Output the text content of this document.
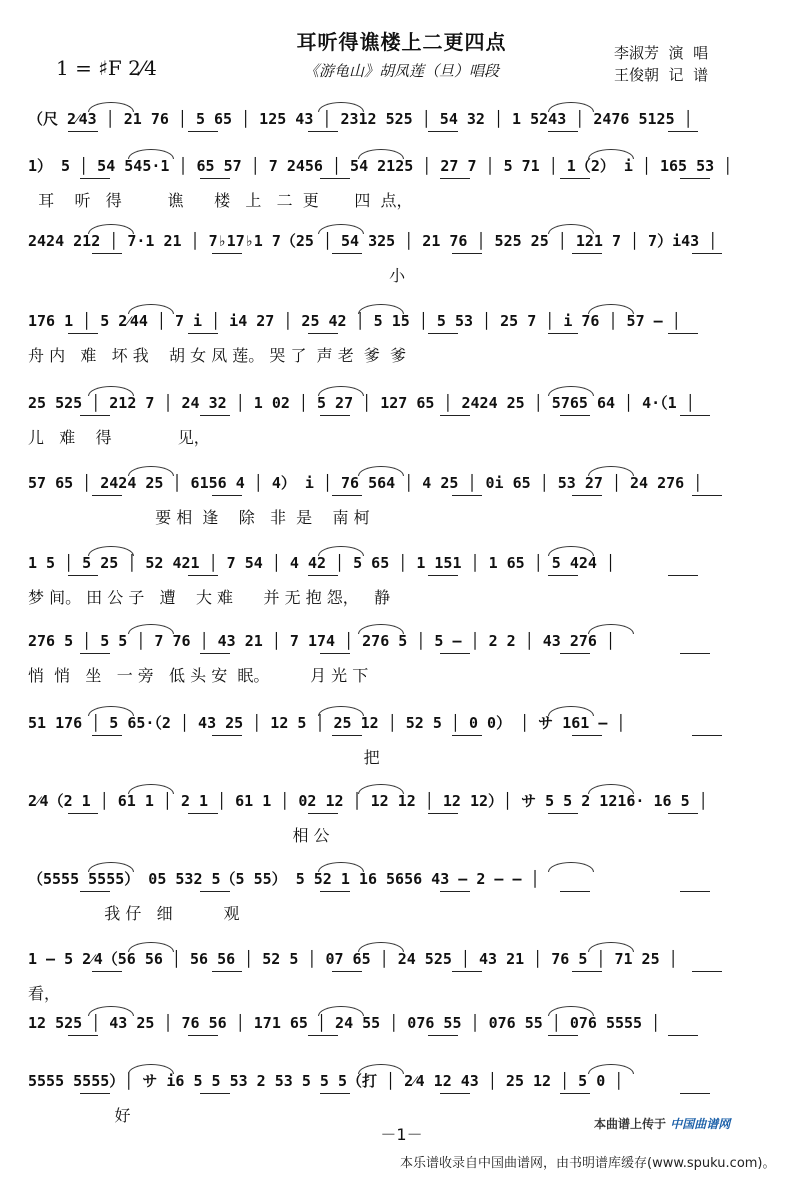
耳听得谯楼上二更四点
1 = ♯F 2⁄4	《游龟山》胡凤莲（旦）唱段
李淑芳  演  唱
王俊朝  记  谱
（尺 2⁄43 │ 21 76 │ 5 65 │ 125 43 │ 2312 525 │ 54 32 │ 1 5243 │ 2476 5125 │
1） 5 │ 54 545·1 │ 65 57 │ 7 2456 │ 54 2125 │ 27 7 │ 5 71 │ 1（2） i │ 165 53 │
耳    听   得         谯      楼   上   二  更       四  点，
2424 212 │ 7·1 21 │ 7♭17♭1 7（25 │ 54 325 │ 21 76 │ 525 25 │ 121 7 │ 7）i43 │
小
176 1 │ 5 2⁄44 │ 7 i │ i4 27 │ 25 42 │ 5 15 │ 5 53 │ 25 7 │ i 76 │ 57 — │
舟 内   难   坏 我    胡 女 凤 莲。 哭 了  声 老  爹  爹
25 525 │ 212 7 │ 24 32 │ 1 02 │ 5 27 │ 127 65 │ 2424 25 │ 5765 64 │ 4·（1 │
儿   难    得             见，
57 65 │ 2424 25 │ 6156 4 │ 4） i │ 76 564 │ 4 25 │ 0i 65 │ 53 27 │ 24 276 │
要 相  逢    除   非  是    南 柯
1 5 │ 5 25 │ 52 421 │ 7 54 │ 4 42 │ 5 65 │ 1 151 │ 1 65 │ 5 424 │
梦 间。 田 公 子   遭    大 难      并 无 抱 怨，   静
276 5 │ 5 5 │ 7 76 │ 43 21 │ 7 174 │ 276 5 │ 5 — │ 2 2 │ 43 276 │
悄  悄   坐   一 旁   低 头 安  眠。        月 光 下
51 176 │ 5 65·（2 │ 43 25 │ 12 5 │ 25 12 │ 52 5 │ 0 0） │ サ 161 — │
把
2⁄4（2 1 │ 61 1 │ 2 1 │ 61 1 │ 02 12 │ 12 12 │ 12 12）│ サ 5 5 2 1216· 16 5 │
相 公
（5555 5555） 05 532 5（5 55） 5 52 1 16 5656 43 — 2 — — │
我 仔   细          观
1 — 5 2⁄4（56 56 │ 56 56 │ 52 5 │ 07 65 │ 24 525 │ 43 21 │ 76 5 │ 71 25 │
看，
12 525 │ 43 25 │ 76 56 │ 171 65 │ 24 55 │ 076 55 │ 076 55 │ 076 5555 │
5555 5555）│ サ i6 5 5 53 2 53 5 5 5（打 │ 2⁄4 12 43 │ 25 12 │ 5 0 │
好
－1－
本曲谱上传于 中国曲谱网
本乐谱收录自中国曲谱网，由书明谱库缓存(www.spuku.com)。
